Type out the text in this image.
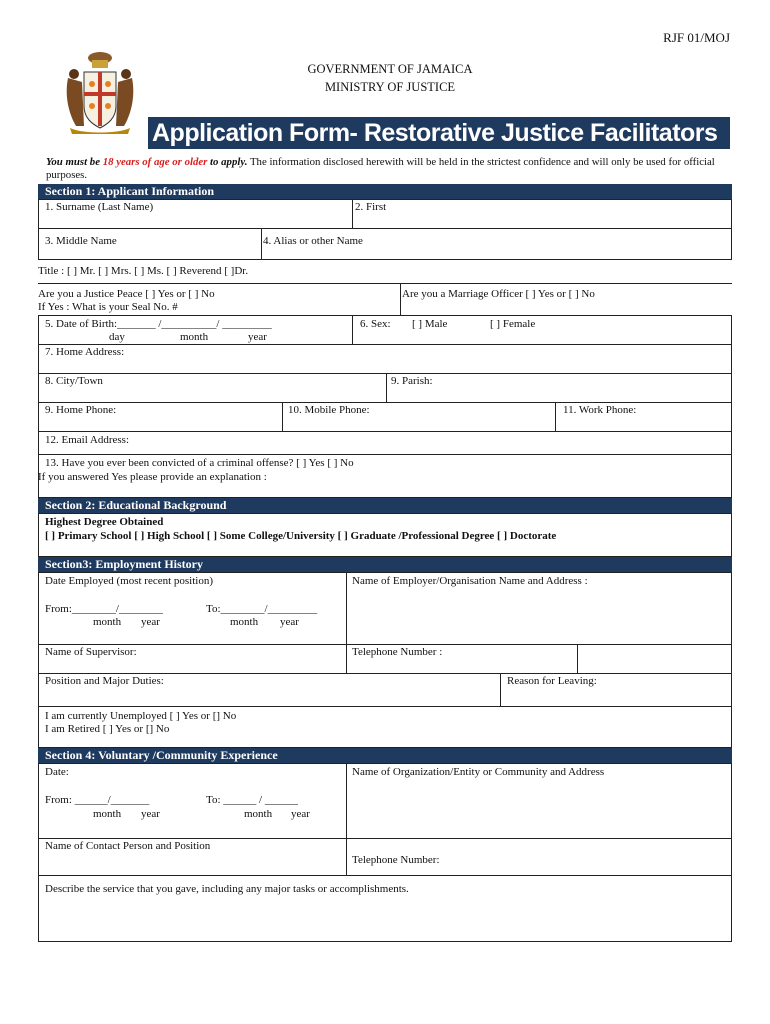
RJF 01/MOJ
GOVERNMENT OF JAMAICA
MINISTRY OF JUSTICE
Application Form- Restorative Justice Facilitators
You must be 18 years of age or older to apply. The information disclosed herewith will be held in the strictest confidence and will only be used for official purposes.
Section 1: Applicant Information
1. Surname (Last Name)	2. First
3. Middle Name	4. Alias or other Name
Title : [ ] Mr. [ ] Mrs. [ ] Ms. [ ] Reverend [ ]Dr.
Are you a Justice Peace [ ] Yes or [ ] No
If Yes : What is your Seal No. #
Are you a Marriage Officer [ ] Yes or [ ] No
5. Date of Birth:_______ /__________/ _________
day	month	year
6. Sex: [ ] Male	[ ] Female
7. Home Address:
8. City/Town	9. Parish:
9. Home Phone:	10. Mobile Phone:	11. Work Phone:
12. Email Address:
13. Have you ever been convicted of a criminal offense? [ ] Yes [ ] No
If you answered Yes please provide an explanation :
Section 2: Educational Background
Highest Degree Obtained
[ ] Primary School [ ] High School [ ] Some College/University [ ] Graduate /Professional Degree [ ] Doctorate
Section3: Employment History
Date Employed (most recent position)	Name of Employer/Organisation Name and Address :
From:________/________
month year
To:________/_________
month year
Name of Supervisor:	Telephone Number :
Position and Major Duties:	Reason for Leaving:
I am currently Unemployed [ ] Yes or [] No
I am Retired [ ] Yes or [] No
Section 4: Voluntary /Community Experience
Date:	Name of Organization/Entity or Community and Address
From: ______/_______
month year
To: ______ / ______
month year
Name of Contact Person and Position
Telephone Number:
Describe the service that you gave, including any major tasks or accomplishments.
